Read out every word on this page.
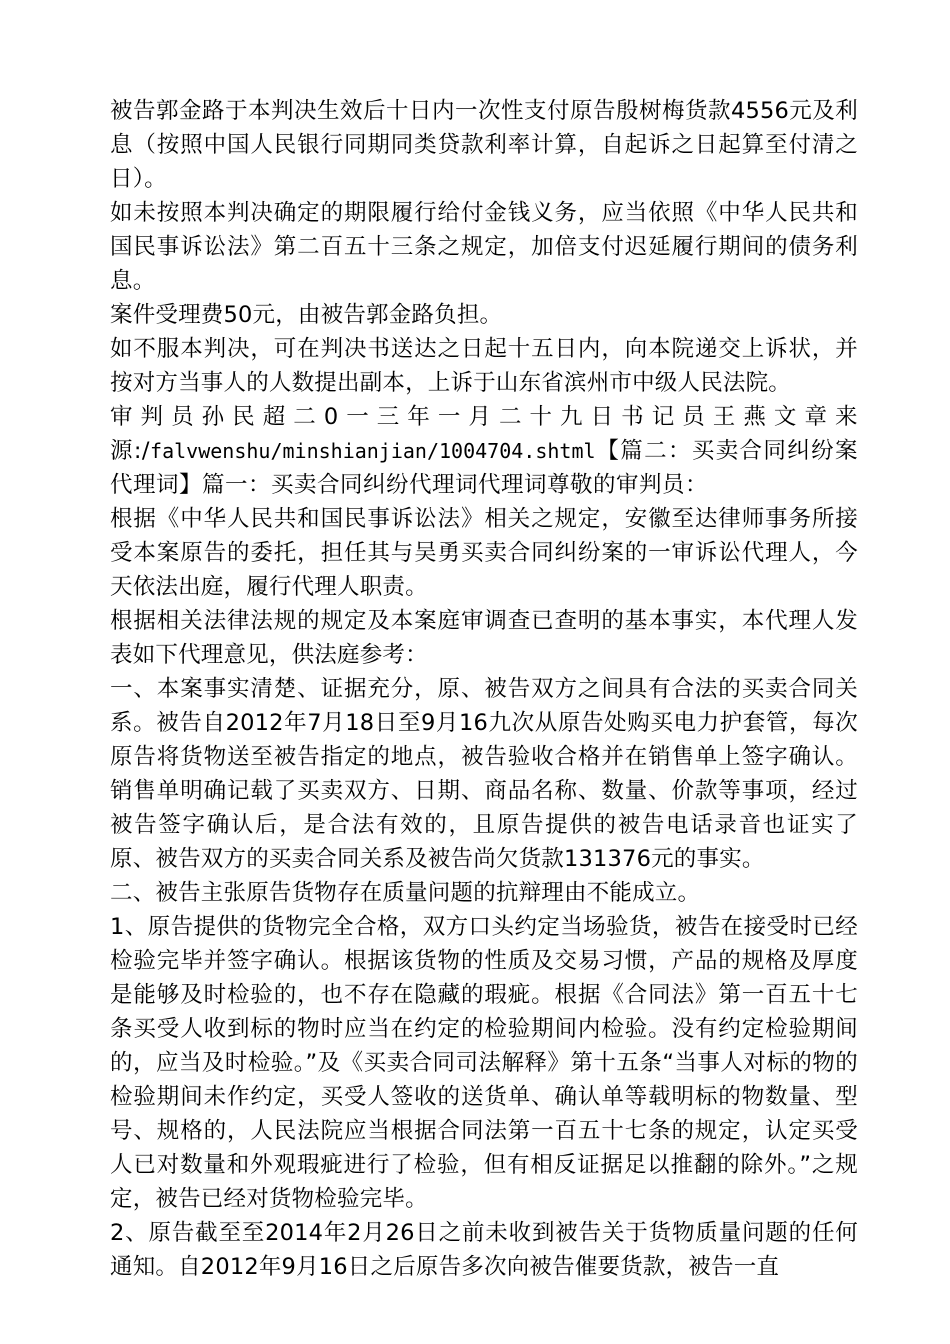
被告郭金路于本判决生效后十日内一次性支付原告殷树梅货款4556元及利息（按照中国人民银行同期同类贷款利率计算，自起诉之日起算至付清之日）。

如未按照本判决确定的期限履行给付金钱义务，应当依照《中华人民共和国民事诉讼法》第二百五十三条之规定，加倍支付迟延履行期间的债务利息。

案件受理费50元，由被告郭金路负担。

如不服本判决，可在判决书送达之日起十五日内，向本院递交上诉状，并按对方当事人的人数提出副本，上诉于山东省滨州市中级人民法院。

审判员孙民超二0一三年一月二十九日书记员王燕文章来源:/falvwenshu/minshianjian/1004704.shtml【篇二：买卖合同纠纷案代理词】篇一：买卖合同纠纷代理词代理词尊敬的审判员：

根据《中华人民共和国民事诉讼法》相关之规定，安徽至达律师事务所接受本案原告的委托，担任其与吴勇买卖合同纠纷案的一审诉讼代理人，今天依法出庭，履行代理人职责。

根据相关法律法规的规定及本案庭审调查已查明的基本事实，本代理人发表如下代理意见，供法庭参考：

一、本案事实清楚、证据充分，原、被告双方之间具有合法的买卖合同关系。被告自2012年7月18日至9月16九次从原告处购买电力护套管，每次原告将货物送至被告指定的地点，被告验收合格并在销售单上签字确认。销售单明确记载了买卖双方、日期、商品名称、数量、价款等事项，经过被告签字确认后，是合法有效的，且原告提供的被告电话录音也证实了原、被告双方的买卖合同关系及被告尚欠货款131376元的事实。

二、被告主张原告货物存在质量问题的抗辩理由不能成立。

1、原告提供的货物完全合格，双方口头约定当场验货，被告在接受时已经检验完毕并签字确认。根据该货物的性质及交易习惯，产品的规格及厚度是能够及时检验的，也不存在隐藏的瑕疵。根据《合同法》第一百五十七条买受人收到标的物时应当在约定的检验期间内检验。没有约定检验期间的，应当及时检验。”及《买卖合同司法解释》第十五条“当事人对标的物的检验期间未作约定，买受人签收的送货单、确认单等载明标的物数量、型号、规格的，人民法院应当根据合同法第一百五十七条的规定，认定买受人已对数量和外观瑕疵进行了检验，但有相反证据足以推翻的除外。”之规定，被告已经对货物检验完毕。

2、原告截至至2014年2月26日之前未收到被告关于货物质量问题的任何通知。自2012年9月16日之后原告多次向被告催要货款，被告一直
